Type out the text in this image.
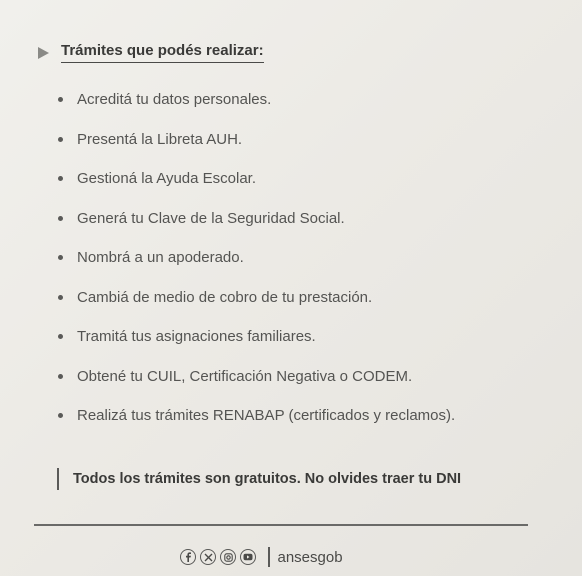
Trámites que podés realizar:
Acreditá tu datos personales.
Presentá la Libreta AUH.
Gestioná la Ayuda Escolar.
Generá tu Clave de la Seguridad Social.
Nombrá a un apoderado.
Cambiá de medio de cobro de tu prestación.
Tramitá tus asignaciones familiares.
Obtené tu CUIL, Certificación Negativa o CODEM.
Realizá tus trámites RENABAP (certificados y reclamos).
Todos los trámites son gratuitos. No olvides traer tu DNI
ansesgob
